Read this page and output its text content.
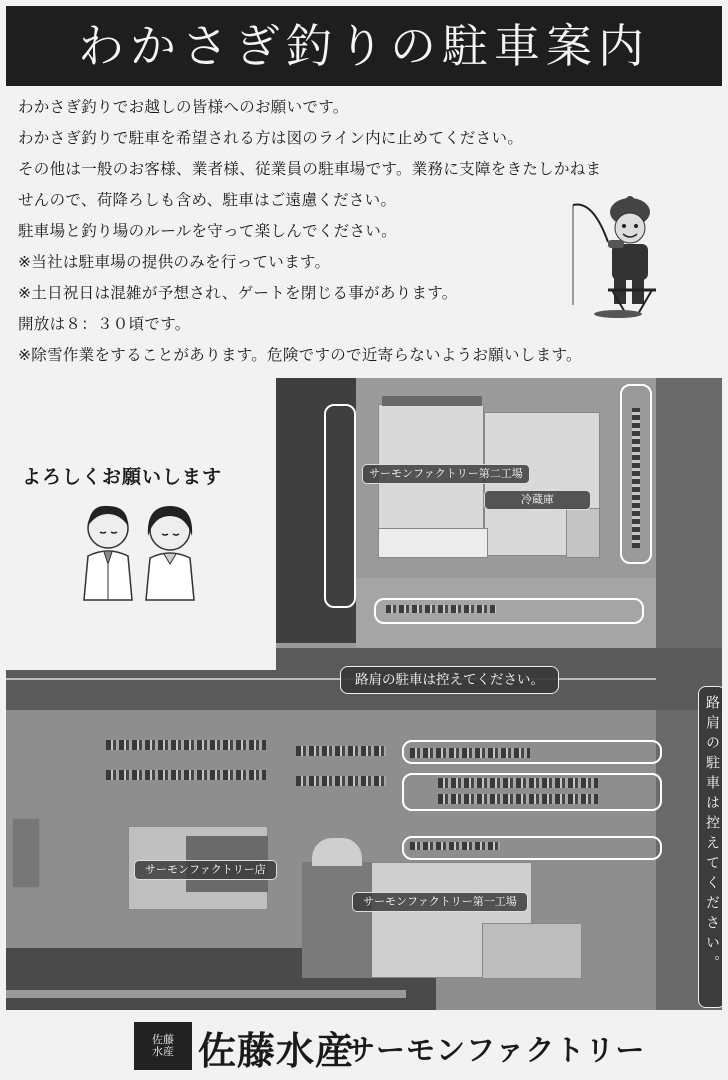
わかさぎ釣りの駐車案内

わかさぎ釣りでお越しの皆様へのお願いです。

わかさぎ釣りで駐車を希望される方は図のライン内に止めてください。

その他は一般のお客様、業者様、従業員の駐車場です。業務に支障をきたしかねま

せんので、荷降ろしも含め、駐車はご遠慮ください。

駐車場と釣り場のルールを守って楽しんでください。

※当社は駐車場の提供のみを行っています。

※土日祝日は混雑が予想され、ゲートを閉じる事があります。

開放は８：３０頃です。

※除雪作業をすることがあります。危険ですので近寄らないようお願いします。

サーモンファクトリー第二工場
冷蔵庫
路肩の駐車は控えてください。
路肩の駐車は控えてください。
サーモンファクトリー店
サーモンファクトリー第一工場
よろしくお願いします
佐藤
水産 佐藤水産
サーモンファクトリー
